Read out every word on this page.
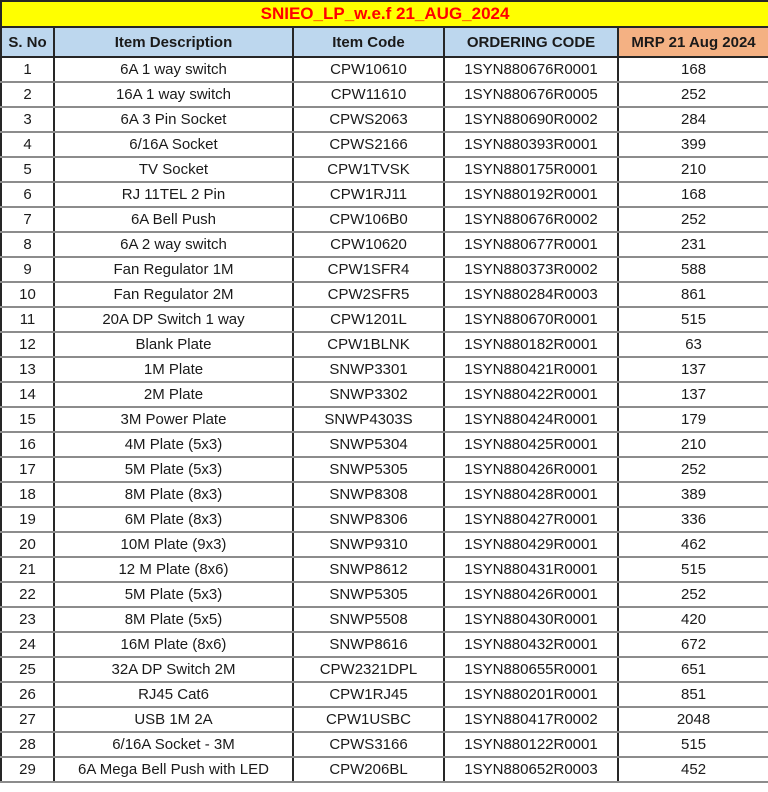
SNIEO_LP_w.e.f 21_AUG_2024				
S. No	Item Description	Item Code	ORDERING CODE	MRP 21 Aug 2024
1	6A 1 way switch	CPW10610	1SYN880676R0001	168
2	16A 1 way switch	CPW11610	1SYN880676R0005	252
3	6A 3 Pin Socket	CPWS2063	1SYN880690R0002	284
4	6/16A Socket	CPWS2166	1SYN880393R0001	399
5	TV Socket	CPW1TVSK	1SYN880175R0001	210
6	RJ 11TEL 2 Pin	CPW1RJ11	1SYN880192R0001	168
7	6A Bell Push	CPW106B0	1SYN880676R0002	252
8	6A 2 way switch	CPW10620	1SYN880677R0001	231
9	Fan Regulator 1M	CPW1SFR4	1SYN880373R0002	588
10	Fan Regulator 2M	CPW2SFR5	1SYN880284R0003	861
11	20A DP Switch 1 way	CPW1201L	1SYN880670R0001	515
12	Blank Plate	CPW1BLNK	1SYN880182R0001	63
13	1M Plate	SNWP3301	1SYN880421R0001	137
14	2M Plate	SNWP3302	1SYN880422R0001	137
15	3M Power Plate	SNWP4303S	1SYN880424R0001	179
16	4M Plate (5x3)	SNWP5304	1SYN880425R0001	210
17	5M Plate (5x3)	SNWP5305	1SYN880426R0001	252
18	8M Plate (8x3)	SNWP8308	1SYN880428R0001	389
19	6M Plate (8x3)	SNWP8306	1SYN880427R0001	336
20	10M Plate (9x3)	SNWP9310	1SYN880429R0001	462
21	12 M Plate (8x6)	SNWP8612	1SYN880431R0001	515
22	5M Plate (5x3)	SNWP5305	1SYN880426R0001	252
23	8M Plate (5x5)	SNWP5508	1SYN880430R0001	420
24	16M Plate (8x6)	SNWP8616	1SYN880432R0001	672
25	32A DP Switch 2M	CPW2321DPL	1SYN880655R0001	651
26	RJ45 Cat6	CPW1RJ45	1SYN880201R0001	851
27	USB 1M 2A	CPW1USBC	1SYN880417R0002	2048
28	6/16A Socket - 3M	CPWS3166	1SYN880122R0001	515
29	6A Mega Bell Push with LED	CPW206BL	1SYN880652R0003	452
